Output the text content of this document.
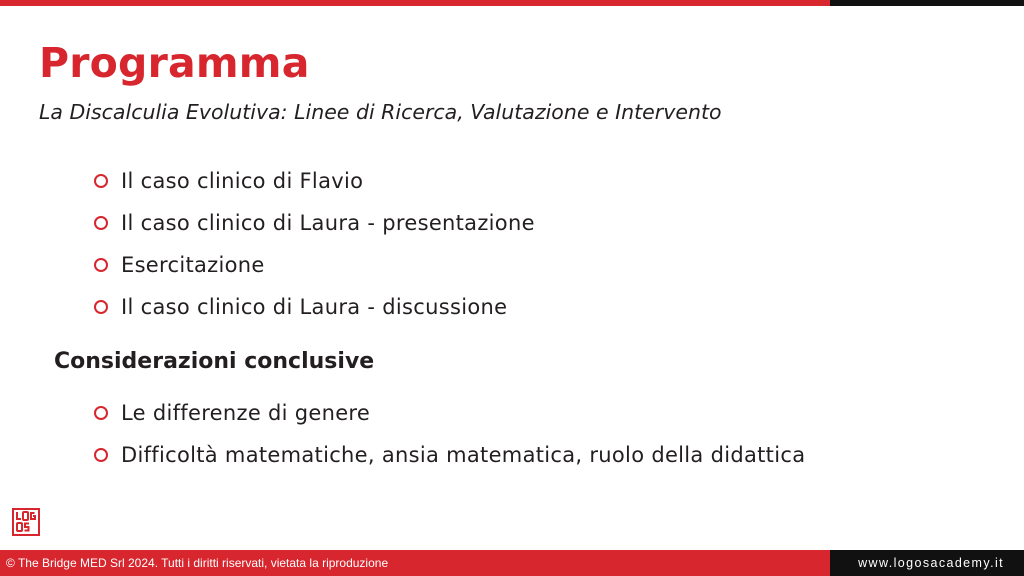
Programma
La Discalculia Evolutiva: Linee di Ricerca, Valutazione e Intervento
Il caso clinico di Flavio
Il caso clinico di Laura - presentazione
Esercitazione
Il caso clinico di Laura - discussione
Considerazioni conclusive
Le differenze di genere
Difficoltà matematiche, ansia matematica, ruolo della didattica
© The Bridge MED Srl 2024. Tutti i diritti riservati, vietata la riproduzione	www.logosacademy.it
